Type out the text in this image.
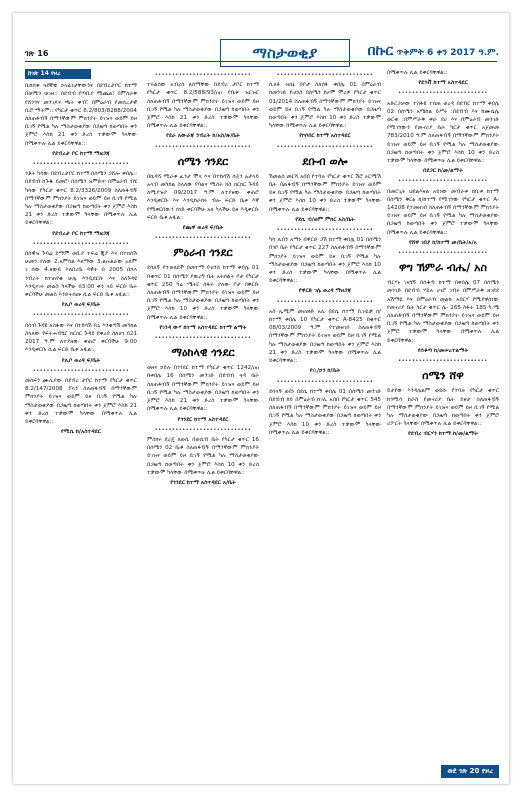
ገጽ 16	ማስታወቂያ	በኩር ጥቅምት 6 ቀን 2017 ዓ.ም.
ከገጽ 14 የዞረ

ቢከሰቱ ጓደኞቹ ኃላፊነታቸውንና በደብረታቦር ከተማ በወሚን ወገዘ:: በደብብ የጣቢያ ሚጨል፣ በምስራቅ የሸንጎና መንገዶና ጫት ቀብ፣ በምዕራብ የመሰረታዊ ቢሮ ማትም:: የካርታ ቁጥር 8.2/803/8288/2004 ስለጠፋብኝ በማንኛውም ምክንያት ይገዝና ወይም ይዞ ቢገኝ የሚል ካሉ ማስታወቂያው በጋዜጣ ከወጣበት ቀን ጀምሮ እስከ 21 ቀን ድረስ ተቃውሞ ካላቸው በሚቀጥሉ ሊል ይቀርባቸዋል::

የደብረታ ቦር ከተማ ማዘጋጃ
••••••••••••••••••••••••••••

ጎቶት ካሳው በደብረታቦር ከተማ በሰሜን ጋሸሎ ቀበሌ:: በደብብ ከጉዱ ይመሮ፡ በሰሜን ዝምድና፡ በምዕራብ ብሄ ካሳው የካርታ ቁጥር 8.2/3326/2009 ስለጠፋብኝ በማንኛውም ምክንያት ይገዝና ወይም ይዞ ቢገኝ የሚል ካሉ ማስታወቂያው በጋዜጣ ከወጣበት ቀን ጀምሮ እስከ 21 ቀን ድረስ ተቃውሞ ካላቸው በሚቀጥሉ ሊል ይቀርባቸዋል::

የደብረታ ቦር ከተማ ማዘጋጃ
••••••••••••••••••••••••••••

በስዊዝ ጉባሬ ይማም ወቢያ ተፍሬ ጂያ እና በተክሰሽ ሁመን ያለው 2.አምሳል እለማው 3.ልዑልራው ዐለም ገ ሰው 4.ዘውዴ እለበረቤ ዳዊት በ 2005 በኋላ ንብረት ከተጠየቁ ሁሌ እንዲደርሱ እና ስለጉዳዩ እንዲናገሩ መልስ ካላችሁ በ3:00 ቀን ላይ ፍርድ ቤት ቀርባችሁ መልስ እንድትሰጡ ሲል ፍርድ ቤቱ አዟል::

የሊቦ ወረዳ ፍ/ቤት
••••••••••••••••••••••••••••

በስብ ጉዳዩ አስፋው እና በተከሳሽ ቢኒ እንቁጣሽ መካከል ስላለው የፍትሐብሄር ክርክር ጉዳይ የቀረበ ስለሆነ በ21 2017 ዓ.ም ለተያዘው ቀጠሮ ቀርባችሁ 9:00 እንዲቀርቡ ሲል ፍርድ ቤቱ አዟል::

የሊቦ ወረዳ ፍ/ቤት
••••••••••••••••••••••••••••

መስፍን ሙሊያው በደብረ ታቦር ከተማ የካርታ ቁጥር 8.2/147/2008 ፕላን ስለጠፋብኝ በማንኛውም ምክንያት ይገዝና ወይም ይዞ ቢገኝ የሚል ካሉ ማስታወቂያው በጋዜጣ ከወጣበት ቀን ጀምሮ እስከ 21 ቀን ድረስ ተቃውሞ ካላቸው በሚቀጥሉ ሊል ይቀርባቸዋል::

የሚሴ ከ/አስተዳደር
••••••••••••••••••••••••••••

ተሩልሰው አብረስ ለሰማቸው በደብረ ታቦር ከተማ የካርታ ቁጥር 8.2/588/93/ዐዐ የቤቱ ዝርዝር ስለጠፋብኝ በማንኛውም ምክንያት ይገዝና ወይም ይዞ ቢገኝ የሚል ካሉ ማስታወቂያው በጋዜጣ ከወጣበት ቀን ጀምሮ እስከ 21 ቀን ድረስ ተቃውሞ ካላቸው በሚቀጥሉ ሊል ይቀርባቸዋል::

የደራ አውራጃ ንብረት ከ/አስ/ጽ/ቤት
••••••••••••••••••••••••••••
ሰሜን ጎንደር

በኪዳሻ ሚራቱ ፈጎታ ሞላ እና በተከሳሽ ሰጀን አታላይ አላብ መካከል ስላለው የባልና ሚስት ክስ ክርክር ጉዳይ ለሚያዝያ 09/2017 ዓ.ም ለተያዘው ቀጠሮ እንዲቀርቡ እና እንዲከራከሩ ብሎ ፍርድ ቤቱ እኛ የሚቀርበውን ሰነድ ቀርባችሁ አለ ካላችሁ ይዘ እዲቀርቡ ፍርድ ቤቱ አዟል::

የጨዋ ወረዳ ፍ/ቤት
••••••••••••••••••••••••••••
ምዕራብ ጎንደር

ደሳለኝ የተወለደች በመተማ ዮሀንስ ከተማ ቀበሌ 01 በቁጥር 01 በሰሜን ያዉረግ ቤት አትክልት ቦታ የካርታ ቁጥር 250 ካሬ ሜትር ስፋት ያለው ቦታ በቅርቡ ስለጠፋብኝ በማንኛውም ምክንያት ይገዝና ወይም ይዞ ቢገኝ የሚል ካሉ ማስታወቂያው በጋዜጣ ከወጣበት ቀን ጀምሮ እስከ 10 ቀን ድረስ ተቃውሞ ካላቸው በሚቀጥሉ ሊል ይቀርባቸዋል::

የገንዳ ውሃ ከተማ አስተዳደር ከተማ ልማት
••••••••••••••••••••••••••••
ማዕከላዊ ጎንደር

ወዘና ኃይሉ በጎንደር ከተማ የካርታ ቁጥር 1242/ዐዐ በቀበሌ 16 በሰሜን መንገድ በደብብ ጓዳ ቤት ስለጠፋብኝ በማንኛውም ምክንያት ይገዝና ወይም ይዞ ቢገኝ የሚል ካሉ ማስታወቂያው በጋዜጣ ከወጣበት ቀን ጀምሮ እስከ 21 ቀን ድረስ ተቃውሞ ካላቸው በሚቀጥሉ ሊል ይቀርባቸዋል::

የጎንደር ከተማ አስተዳደር
••••••••••••••••••••••••••••

ምስክሩ ደረጄ ለወሲ በወሲብ ቤት የካርታ ቁጥር 16 በሰሜን 02 ቤቱ ስለጠፋብኝ በማንኛውም ምክንያት ይገዝና ወይም ይዞ ቢገኝ የሚል ካሉ ማስታወቂያው በጋዜጣ ከወጣበት ቀን ጀምሮ እስከ 10 ቀን ድረስ ተቃውሞ ካላቸው በሚቀጥሉ ሊል ይቀርባቸዋል::

የጎንደር ከተማ አስተዳደር አ/ቤት
••••••••••••••••••••••••••••

ሲለፉ ዝክኔ በቦታ ስለሰፉ ቀበሌ 01 በምዕራብ ከመንገድ ዮሀንስ በሰሜን ከኦሞ ሞሪዎ የካርታ ቁጥር 01/2014 ስለጠፋብኝ በማንኛውም ምክንያት ይገዝና ወይም ይዞ ቢገኝ የሚል ካሉ ማስታወቂያው በጋዜጣ ከወጣበት ቀን ጀምሮ እስከ 10 ቀን ድረስ ተቃውሞ ካላቸው በሚቀጥሉ ሊል ይቀርባቸዋል::

የኮሶበር ከተማ አስተዳደር
••••••••••••••••••••••••••••
ደቡብ ወሎ

ሽመልስ መርሻ አበበ የተባሉ የካርታ ቁጥር ሽሮ ኦርሚሽ ቤት በጠፋብኝ በማንኛውም ምክንያት ይገዝና ወይም ይዞ ቢገኝ የሚል ካሉ ማስታወቂያው በጋዜጣ ከወጣበት ቀን ጀምሮ እስከ 10 ቀን ድረስ ተቃውሞ ካላቸው በሚቀጥሉ ሊል ይቀርባቸዋል::

የደሴ ብ/ወም ምክር አስ/ቤት
••••••••••••••••••••••••••••

ካሳ ሊበን አማኑ በዋርድ ጋሽ ከተማ ቀበሌ 01 በሰሜን በጎቦ ቤት የካርታ ቁጥር 227 ስለጠፋብኝ በማንኛውም ምክንያት ይገዝና ወይም ይዞ ቢገኝ የሚል ካሉ ማስታወቂያው በጋዜጣ ከወጣበት ቀን ጀምሮ እስከ 10 ቀን ድረስ ተቃውሞ ካላቸው በሚቀጥሉ ሊል ይቀርባቸዋል::

የዋርድ ገሌ ወረዳ ማዘጋጃ
••••••••••••••••••••••••••••

አስ ኢሚም መሀመድ አሊ በደሴ ከተማ ቢገዷቃ ክ/ከተማ ቀበሌ 10 የካርታ ቁጥር A-8425 በቁጥር 08/03/2009 ዓ.ም የተመዘገበ ስለጠፋብኝ በማንኛውም ምክንያት ይገዝና ወይም ይዞ ቢገኝ የሚል ካሉ ማስታወቂያው በጋዜጣ ከወጣበት ቀን ጀምሮ እስከ 21 ቀን ድረስ ተቃውሞ ካላቸው በሚቀጥሉ ሊል ይቀርባቸዋል::

የቢ/ኃን ከ/ቤት
••••••••••••••••••••••••••••

ደሳላኝ ወደነ በደሴ ከተማ ቀበሌ 01 በሰሜን መንገድ በደብብ ከይ በምዕራብ ከገሊ አበበ የካርታ ቁጥር 545 ስለጠፋብኝ በማንኛውም ምክንያት ይገዝና ወይም ይዞ ቢገኝ የሚል ካሉ ማስታወቂያው በጋዜጣ ከወጣበት ቀን ጀምሮ እስከ 10 ቀን ድረስ ተቃውሞ ካላቸው በሚቀጥሉ ሊል ይቀርባቸዋል::

በሚቀጥሉ ሊል ይቀርባቸዋል::

የደጎቭ ከተማ አስተዳደር
••••••••••••••••••••••••••

አድርጋቻው ተስፋዩ ተሰጠ ወረዳ በደብር ከተማ ቀበሌ 02 በሰሜን አሜከል ይሥሩ :በደብብ እና ከሙሴሌ ወርቁ :በምሥራቅ ቀራ ደሀ እና በምዕራብ መንገድ የሚገኘውን የመኖሪያ ቤት ካርታ ቁጥር አጀመመ 783/2010 ዓ.ም ስለጠፋብኝ በማንኛውም ምክንያት ይገዝና ወይም ይዞ ቢገኝ የሚል ካሉ ማስታወቂያው በጋዜጣ ከወጣበት ቀን ጀምሮ እስከ 10 ቀን ድረስ ተቃውሞ ካላቸው በሚቀጥሉ ሊል ይቀርባቸዋል::

በደጋር ከ/መ/ልማት
••••••••••••••••••••••••••

በመርጊት ህደልእዛል አይነው መብራቱ ከቢቱ ከተማ በሰሜን ቅርፅ ከ/ከተማ የሚገኘው የካርታ ቁጥር A-14208 የተመዘገበ ስለጠፋብኝ በማንኛውም ምክንያት ይገዝና ወይም ይዞ ቢገኝ የሚል ካሉ ማስታወቂያው በጋዜጣ ከወጣበት ቀን ጀምሮ ተቃውሞ ካላቸው በሚቀጥሉ ሊል ይቀርባቸዋል::

የሸዋ ገበያ ከ/ከተማ መ/ቤት/አ/አ
••••••••••••••••••••••••••
ዋግ ኽምራ ብሔ/ አስ

ብርሃኑ ገዛሄኝ በሰቆጣ ከተማ በቀበሌ 07 በሰሜን መንገድ በደብብ ሃይሉ ሀገሮ ገብሩ በምሥራቅ ዘገደደ አሽማዬ እና በምዕራብ መልኩ አበርሃ የሚያዋስነው የመኖሪያ ቤት ካርታ ቁጥር ሌ- 265 ስፋት 185 ካ.ሜ ስለጠፋብኝ በማንኛውም ምክንያት ይገዝና ወይም ይዞ ቢገኝ የሚል ካሉ ማስታወቂያው በጋዜጣ ከወጣበት ቀን ጀምሮ ተቃውሞ ካላቸው በሚቀጥሉ ሊል ይቀርባቸዋል::

የሰቆጣ ከ/መሠረተልማት
••••••••••••••••••••••••••
ሰሜን ሸዋ

ይታየው እንዳሌልም ወይሱ የተባሉ የካርታ ቁጥር ከጎሚሳ ከራስ የመኖሪያ ቤት ይዞታ ስለጠፋብኝ በማንኛውም ምክንያት ይገዝና ወይም ይዞ ቢገኝ የሚል ካሉ ማስታወቂያው በጋዜጣ ከወጣበት ቀን ጀምሮ ሪፖርት ካላቸው በሚቀጥሉ ሊል ይቀርባቸዋል::

የደብረ ብርሃን ከተማ ከ/መ/ልማት
ወደ ገጽ 20 የዞረ
